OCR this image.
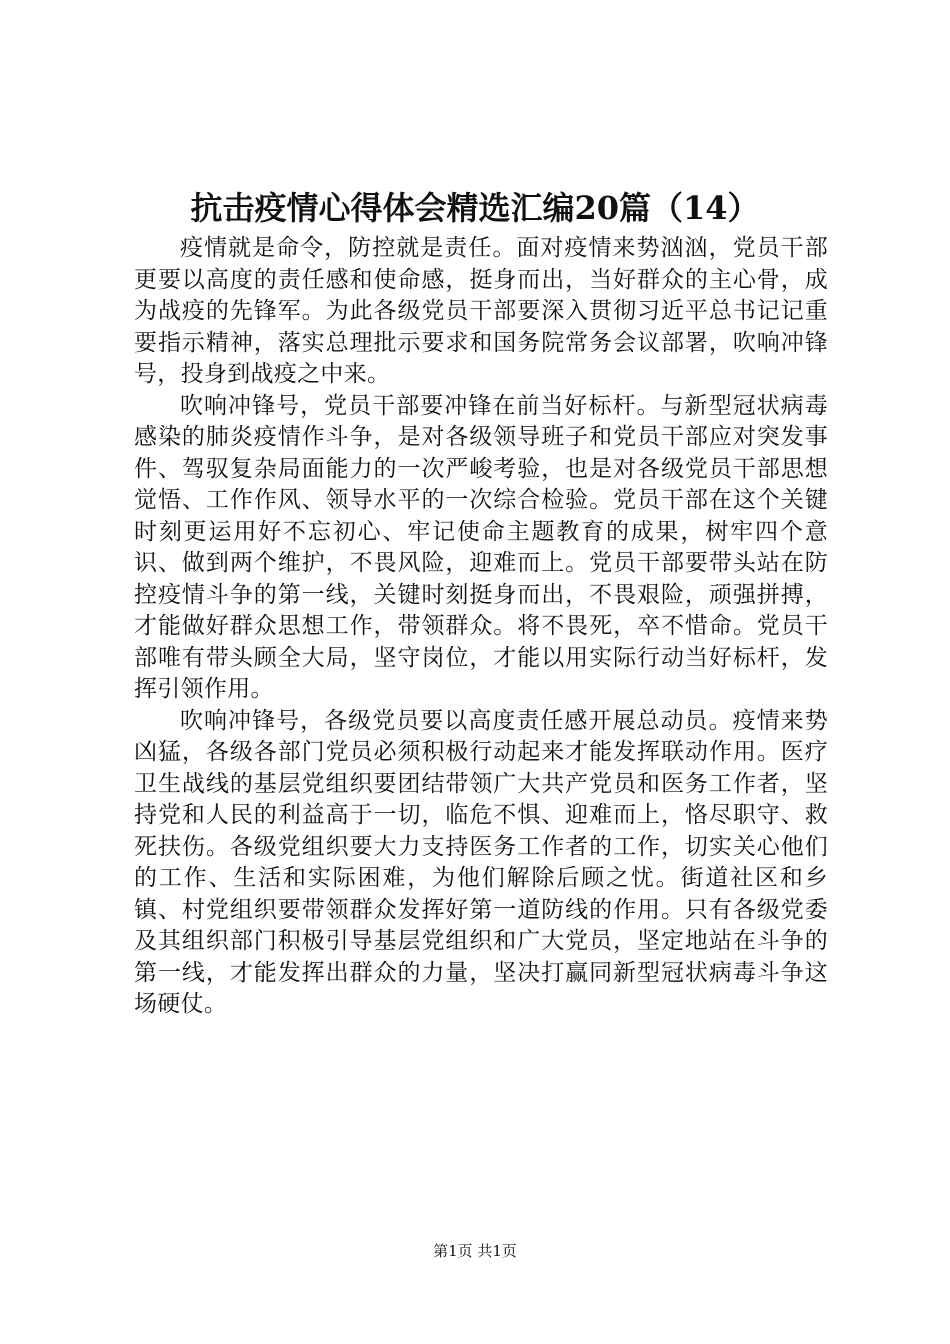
抗击疫情心得体会精选汇编20篇（14）

疫情就是命令，防控就是责任。面对疫情来势汹汹，党员干部更要以高度的责任感和使命感，挺身而出，当好群众的主心骨，成为战疫的先锋军。为此各级党员干部要深入贯彻习近平总书记记重要指示精神，落实总理批示要求和国务院常务会议部署，吹响冲锋号，投身到战疫之中来。

吹响冲锋号，党员干部要冲锋在前当好标杆。与新型冠状病毒感染的肺炎疫情作斗争，是对各级领导班子和党员干部应对突发事件、驾驭复杂局面能力的一次严峻考验，也是对各级党员干部思想觉悟、工作作风、领导水平的一次综合检验。党员干部在这个关键时刻更运用好不忘初心、牢记使命主题教育的成果，树牢四个意识、做到两个维护，不畏风险，迎难而上。党员干部要带头站在防控疫情斗争的第一线，关键时刻挺身而出，不畏艰险，顽强拼搏，才能做好群众思想工作，带领群众。将不畏死，卒不惜命。党员干部唯有带头顾全大局，坚守岗位，才能以用实际行动当好标杆，发挥引领作用。

吹响冲锋号，各级党员要以高度责任感开展总动员。疫情来势凶猛，各级各部门党员必须积极行动起来才能发挥联动作用。医疗卫生战线的基层党组织要团结带领广大共产党员和医务工作者，坚持党和人民的利益高于一切，临危不惧、迎难而上，恪尽职守、救死扶伤。各级党组织要大力支持医务工作者的工作，切实关心他们的工作、生活和实际困难，为他们解除后顾之忧。街道社区和乡镇、村党组织要带领群众发挥好第一道防线的作用。只有各级党委及其组织部门积极引导基层党组织和广大党员，坚定地站在斗争的第一线，才能发挥出群众的力量，坚决打赢同新型冠状病毒斗争这场硬仗。

第1页 共1页
